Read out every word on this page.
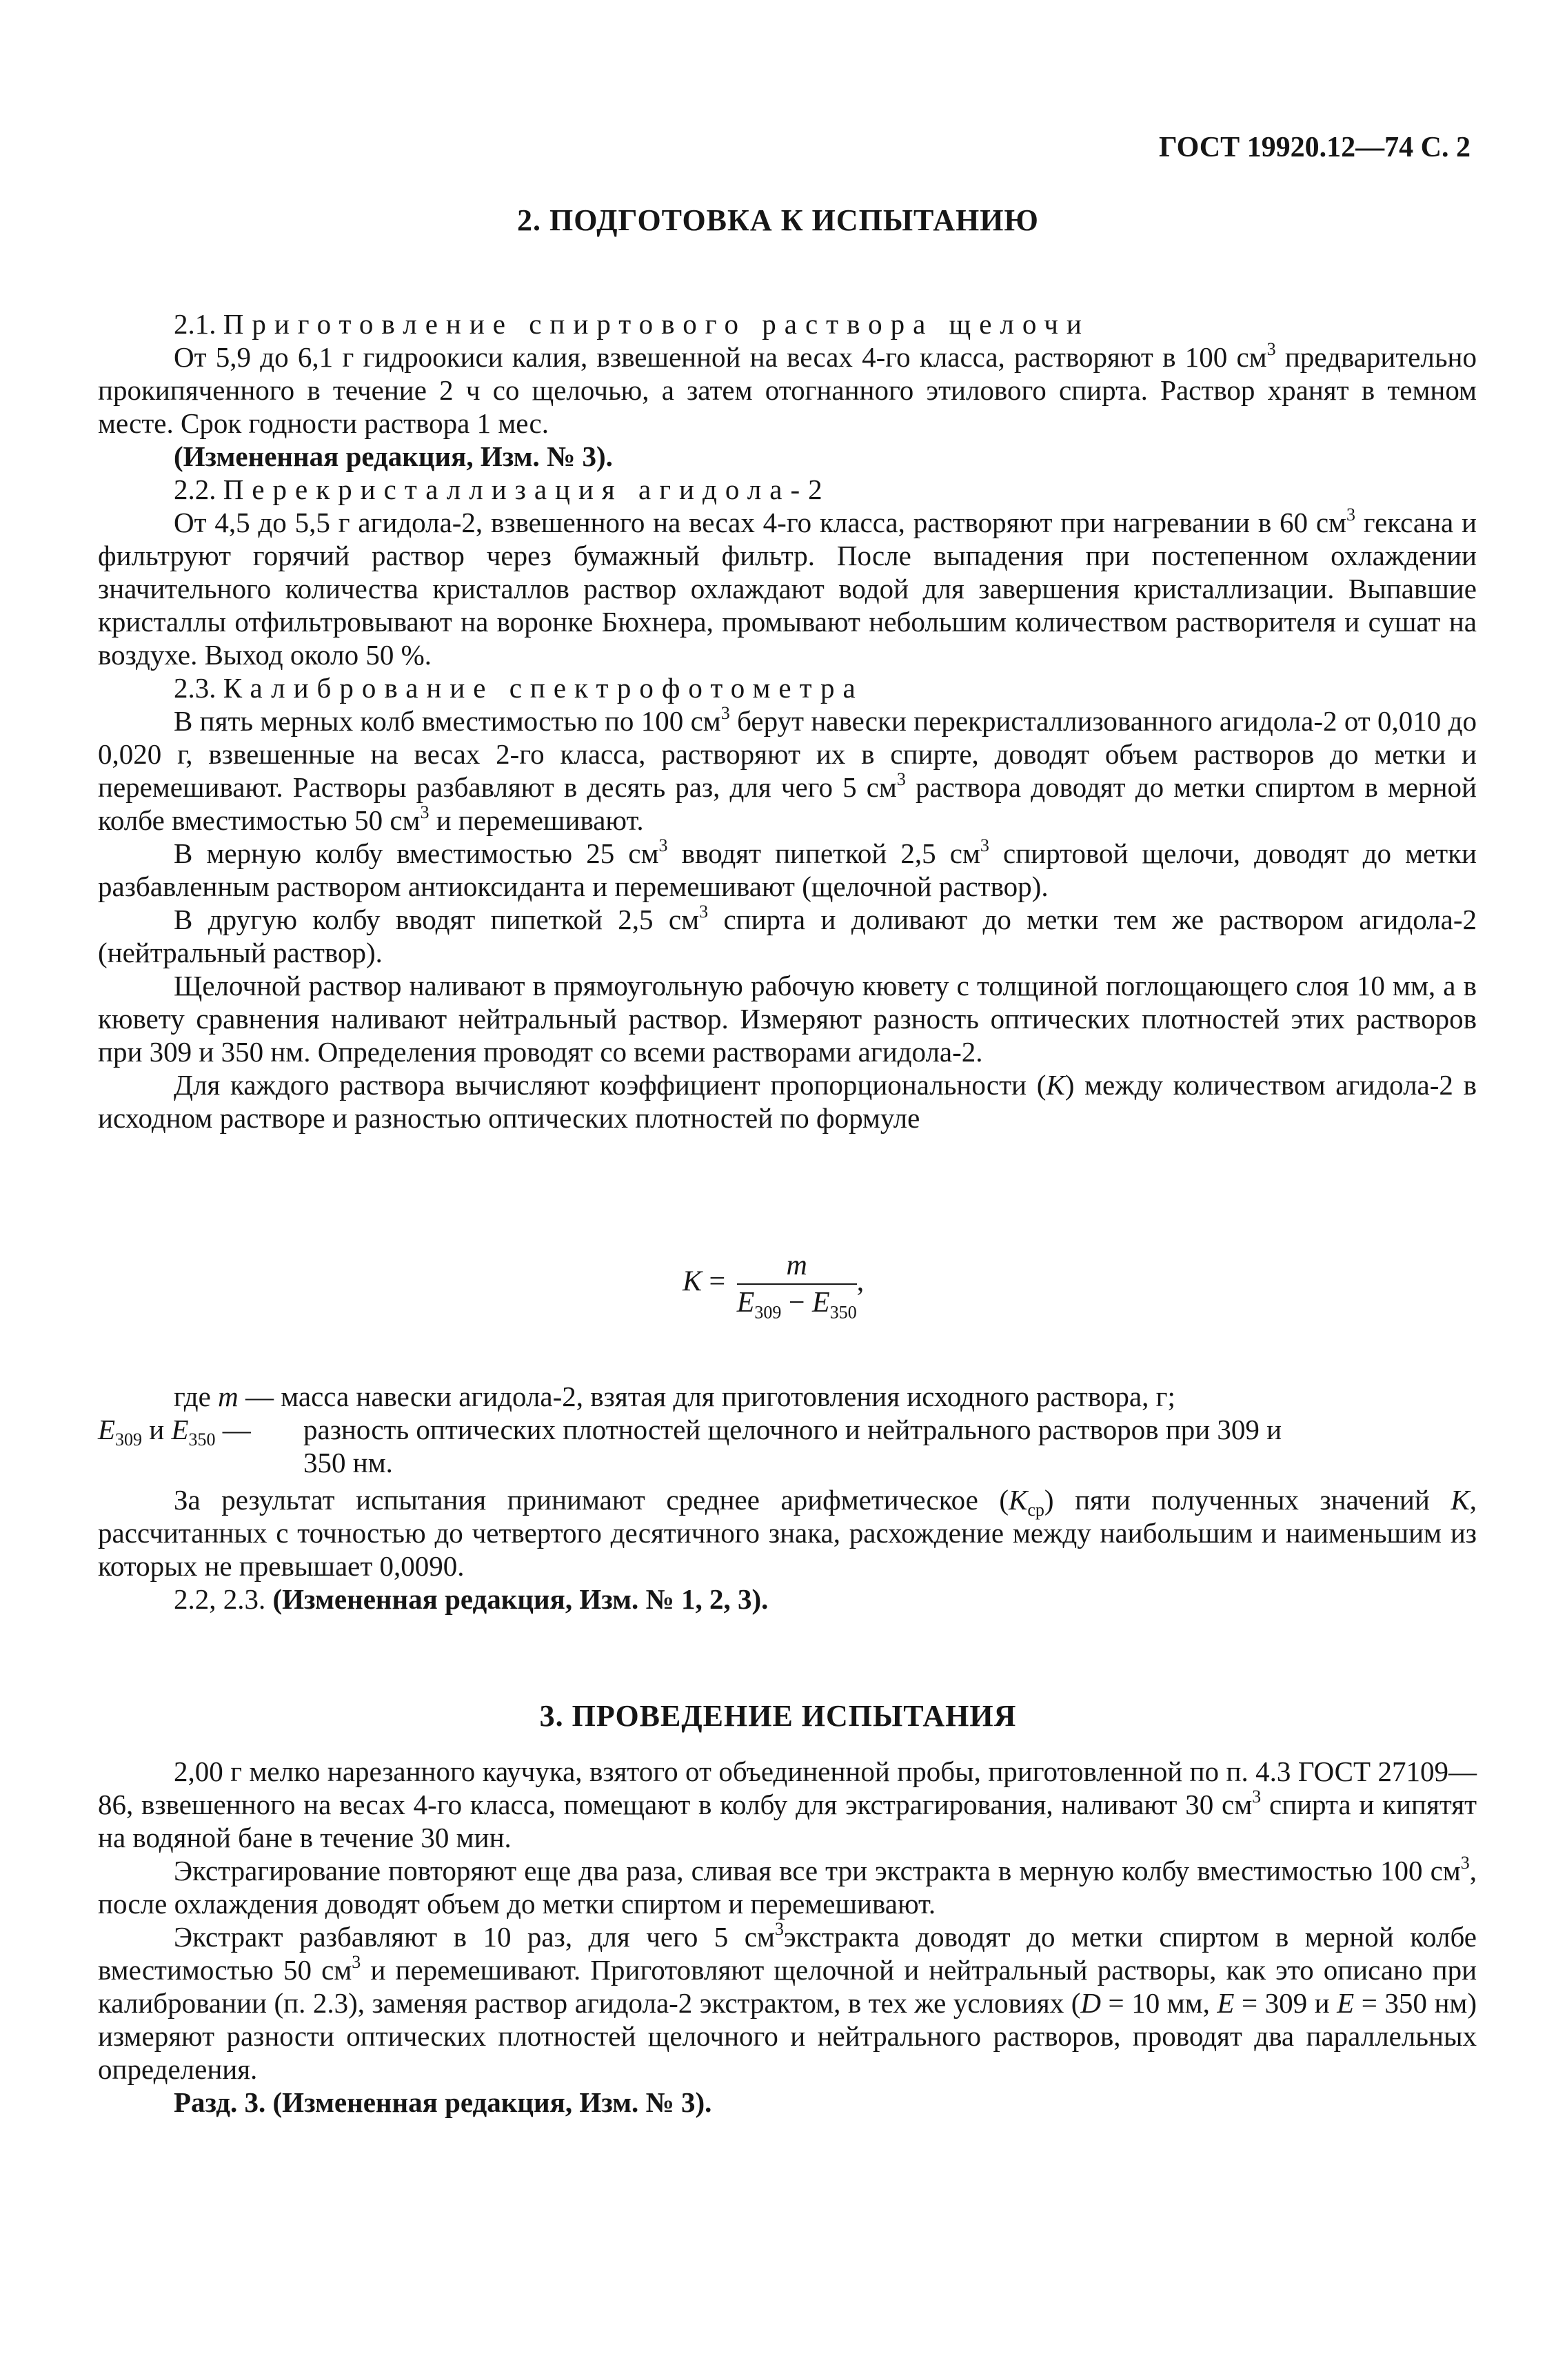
ГОСТ 19920.12—74 С. 2
2. ПОДГОТОВКА К ИСПЫТАНИЮ

2.1. Приготовление спиртового раствора щелочи

От 5,9 до 6,1 г гидроокиси калия, взвешенной на весах 4-го класса, растворяют в 100 $см^3$ предварительно прокипяченного в течение 2 ч со щелочью, а затем отогнанного этилового спирта. Раствор хранят в темном месте. Срок годности раствора 1 мес.

(Измененная редакция, Изм. № 3).

2.2. Перекристаллизация агидола-2

От 4,5 до 5,5 г агидола-2, взвешенного на весах 4-го класса, растворяют при нагревании в 60 $см^3$ гексана и фильтруют горячий раствор через бумажный фильтр. После выпадения при постепенном охлаждении значительного количества кристаллов раствор охлаждают водой для завершения кристаллизации. Выпавшие кристаллы отфильтровывают на воронке Бюхнера, промывают небольшим количеством растворителя и сушат на воздухе. Выход около 50 %.

2.3. Калибрование спектрофотометра

В пять мерных колб вместимостью по 100 $см^3$ берут навески перекристаллизованного агидола-2 от 0,010 до 0,020 г, взвешенные на весах 2-го класса, растворяют их в спирте, доводят объем растворов до метки и перемешивают. Растворы разбавляют в десять раз, для чего 5 $см^3$ раствора доводят до метки спиртом в мерной колбе вместимостью 50 $см^3$ и перемешивают.

В мерную колбу вместимостью 25 $см^3$ вводят пипеткой 2,5 $см^3$ спиртовой щелочи, доводят до метки разбавленным раствором антиоксиданта и перемешивают (щелочной раствор).

В другую колбу вводят пипеткой 2,5 $см^3$ спирта и доливают до метки тем же раствором агидола-2 (нейтральный раствор).

Щелочной раствор наливают в прямоугольную рабочую кювету с толщиной поглощающего слоя 10 мм, а в кювету сравнения наливают нейтральный раствор. Измеряют разность оптических плотностей этих растворов при 309 и 350 нм. Определения проводят со всеми растворами агидола-2.

Для каждого раствора вычисляют коэффициент пропорциональности (K) между количеством агидола-2 в исходном растворе и разностью оптических плотностей по формуле

$K = \frac{m}{E_{309} - E_{350}}$ ,
где m — масса навески агидола-2, взятая для приготовления исходного раствора, г;
$E_{309}$ и $E_{350}$ — разность оптических плотностей щелочного и нейтрального растворов при 309 и
350 нм.

За результат испытания принимают среднее арифметическое $(K_{ср})$ пяти полученных значений K, рассчитанных с точностью до четвертого десятичного знака, расхождение между наибольшим и наименьшим из которых не превышает 0,0090.

2.2, 2.3. (Измененная редакция, Изм. № 1, 2, 3).

3. ПРОВЕДЕНИЕ ИСПЫТАНИЯ

2,00 г мелко нарезанного каучука, взятого от объединенной пробы, приготовленной по п. 4.3 ГОСТ 27109—86, взвешенного на весах 4-го класса, помещают в колбу для экстрагирования, наливают 30 $см^3$ спирта и кипятят на водяной бане в течение 30 мин.

Экстрагирование повторяют еще два раза, сливая все три экстракта в мерную колбу вместимостью 100 $см^3$, после охлаждения доводят объем до метки спиртом и перемешивают.

Экстракт разбавляют в 10 раз, для чего 5 $см^3экстракта$ доводят до метки спиртом в мерной колбе вместимостью 50 $см^3$ и перемешивают. Приготовляют щелочной и нейтральный растворы, как это описано при калибровании (п. 2.3), заменяя раствор агидола-2 экстрактом, в тех же условиях (D = 10 мм, E = 309 и E = 350 нм) измеряют разности оптических плотностей щелочного и нейтрального растворов, проводят два параллельных определения.

Разд. 3. (Измененная редакция, Изм. № 3).
